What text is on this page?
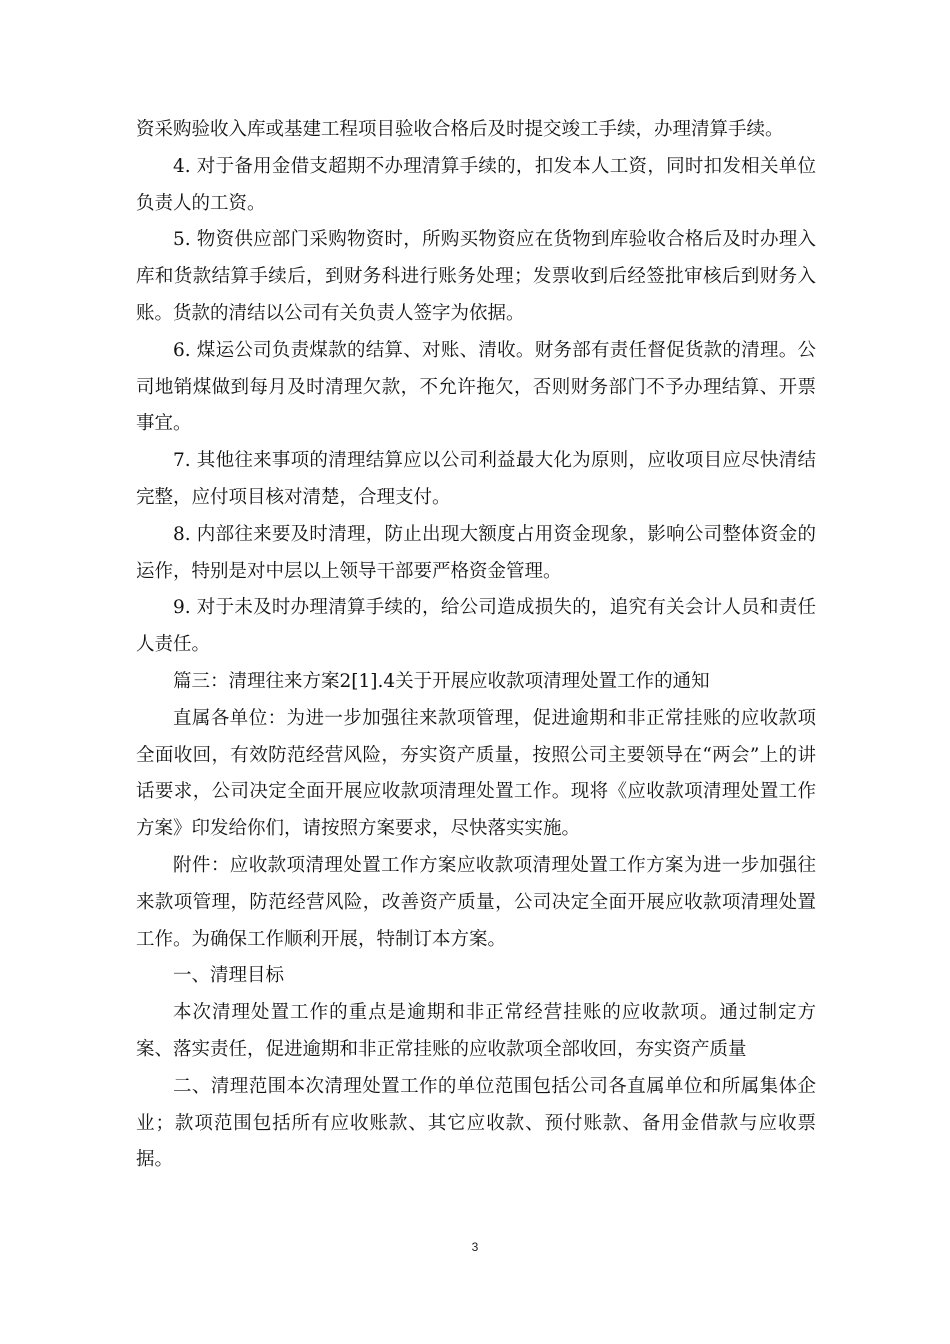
资采购验收入库或基建工程项目验收合格后及时提交竣工手续，办理清算手续。

4. 对于备用金借支超期不办理清算手续的，扣发本人工资，同时扣发相关单位负责人的工资。

5. 物资供应部门采购物资时，所购买物资应在货物到库验收合格后及时办理入库和货款结算手续后，到财务科进行账务处理；发票收到后经签批审核后到财务入账。货款的清结以公司有关负责人签字为依据。

6. 煤运公司负责煤款的结算、对账、清收。财务部有责任督促货款的清理。公司地销煤做到每月及时清理欠款，不允许拖欠，否则财务部门不予办理结算、开票事宜。

7. 其他往来事项的清理结算应以公司利益最大化为原则，应收项目应尽快清结完整，应付项目核对清楚，合理支付。

8. 内部往来要及时清理，防止出现大额度占用资金现象，影响公司整体资金的运作，特别是对中层以上领导干部要严格资金管理。

9. 对于未及时办理清算手续的，给公司造成损失的，追究有关会计人员和责任人责任。

篇三：清理往来方案2[1].4关于开展应收款项清理处置工作的通知

直属各单位：为进一步加强往来款项管理，促进逾期和非正常挂账的应收款项全面收回，有效防范经营风险，夯实资产质量，按照公司主要领导在“两会”上的讲话要求，公司决定全面开展应收款项清理处置工作。现将《应收款项清理处置工作方案》印发给你们，请按照方案要求，尽快落实实施。

附件：应收款项清理处置工作方案应收款项清理处置工作方案为进一步加强往来款项管理，防范经营风险，改善资产质量，公司决定全面开展应收款项清理处置工作。为确保工作顺利开展，特制订本方案。

一、清理目标

本次清理处置工作的重点是逾期和非正常经营挂账的应收款项。通过制定方案、落实责任，促进逾期和非正常挂账的应收款项全部收回，夯实资产质量

二、清理范围本次清理处置工作的单位范围包括公司各直属单位和所属集体企业；款项范围包括所有应收账款、其它应收款、预付账款、备用金借款与应收票据。

3
